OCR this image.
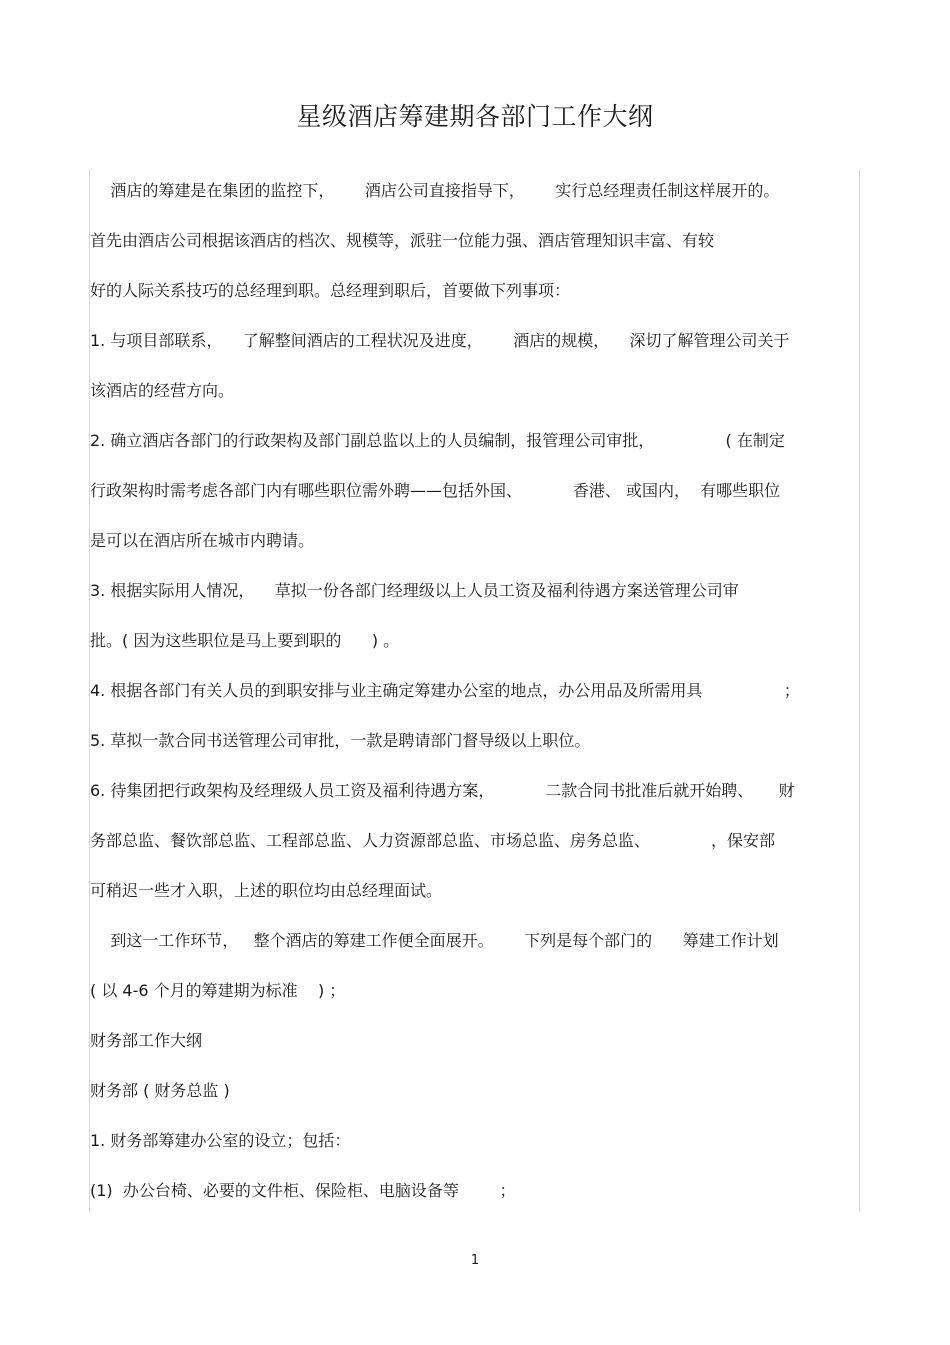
星级酒店筹建期各部门工作大纲
酒店的筹建是在集团的监控下，      酒店公司直接指导下，      实行总经理责任制这样展开的。
首先由酒店公司根据该酒店的档次、规模等，派驻一位能力强、酒店管理知识丰富、有较
好的人际关系技巧的总经理到职。总经理到职后，首要做下列事项：
1. 与项目部联系，    了解整间酒店的工程状况及进度，      酒店的规模，    深切了解管理公司关于
该酒店的经营方向。
2. 确立酒店各部门的行政架构及部门副总监以上的人员编制，报管理公司审批，              ( 在制定
行政架构时需考虑各部门内有哪些职位需外聘——包括外国、          香港、 或国内，  有哪些职位
是可以在酒店所在城市内聘请。
3. 根据实际用人情况，    草拟一份各部门经理级以上人员工资及福利待遇方案送管理公司审
批。( 因为这些职位是马上要到职的      ) 。
4. 根据各部门有关人员的到职安排与业主确定筹建办公室的地点，办公用品及所需用具                ；
5. 草拟一款合同书送管理公司审批，一款是聘请部门督导级以上职位。
6. 待集团把行政架构及经理级人员工资及福利待遇方案，          二款合同书批准后就开始聘、     财
务部总监、餐饮部总监、工程部总监、人力资源部总监、市场总监、房务总监、            ，保安部
可稍迟一些才入职，上述的职位均由总经理面试。
到这一工作环节，   整个酒店的筹建工作便全面展开。      下列是每个部门的      筹建工作计划
( 以 4-6 个月的筹建期为标准    ) ；
财务部工作大纲
财务部 ( 财务总监 )
1. 财务部筹建办公室的设立；包括：
(1)  办公台椅、必要的文件柜、保险柜、电脑设备等        ；
1
